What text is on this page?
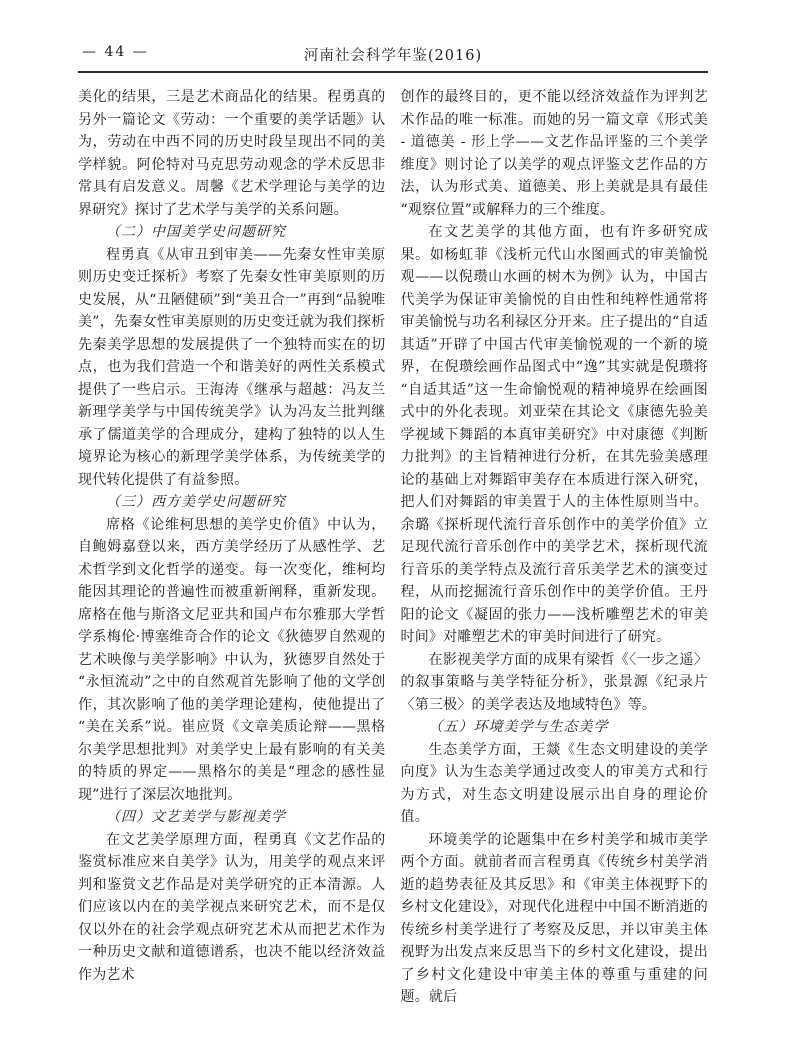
— 44 —	河南社会科学年鉴(2016)

美化的结果，三是艺术商品化的结果。程勇真的另外一篇论文《劳动：一个重要的美学话题》认为，劳动在中西不同的历史时段呈现出不同的美学样貌。阿伦特对马克思劳动观念的学术反思非常具有启发意义。周馨《艺术学理论与美学的边界研究》探讨了艺术学与美学的关系问题。

（二）中国美学史问题研究

程勇真《从审丑到审美——先秦女性审美原则历史变迁探析》考察了先秦女性审美原则的历史发展，从“丑陋健硕”到“美丑合一”再到“品貌唯美”，先秦女性审美原则的历史变迁就为我们探析先秦美学思想的发展提供了一个独特而实在的切点，也为我们营造一个和谐美好的两性关系模式提供了一些启示。王海涛《继承与超越：冯友兰新理学美学与中国传统美学》认为冯友兰批判继承了儒道美学的合理成分，建构了独特的以人生境界论为核心的新理学美学体系，为传统美学的现代转化提供了有益参照。

（三）西方美学史问题研究

席格《论维柯思想的美学史价值》中认为，自鲍姆嘉登以来，西方美学经历了从感性学、艺术哲学到文化哲学的递变。每一次变化，维柯均能因其理论的普遍性而被重新阐释，重新发现。席格在他与斯洛文尼亚共和国卢布尔雅那大学哲学系梅伦·博塞维奇合作的论文《狄德罗自然观的艺术映像与美学影响》中认为，狄德罗自然处于“永恒流动”之中的自然观首先影响了他的文学创作，其次影响了他的美学理论建构，使他提出了“美在关系”说。崔应贤《文章美质论辩——黑格尔美学思想批判》对美学史上最有影响的有关美的特质的界定——黑格尔的美是“理念的感性显现”进行了深层次地批判。

（四）文艺美学与影视美学

在文艺美学原理方面，程勇真《文艺作品的鉴赏标准应来自美学》认为，用美学的观点来评判和鉴赏文艺作品是对美学研究的正本清源。人们应该以内在的美学视点来研究艺术，而不是仅仅以外在的社会学观点研究艺术从而把艺术作为一种历史文献和道德谱系，也决不能以经济效益作为艺术

创作的最终目的，更不能以经济效益作为评判艺术作品的唯一标准。而她的另一篇文章《形式美 - 道德美 - 形上学——文艺作品评鉴的三个美学维度》则讨论了以美学的观点评鉴文艺作品的方法，认为形式美、道德美、形上美就是具有最佳“观察位置”或解释力的三个维度。

在文艺美学的其他方面，也有许多研究成果。如杨虹菲《浅析元代山水图画式的审美愉悦观——以倪瓒山水画的树木为例》认为，中国古代美学为保证审美愉悦的自由性和纯粹性通常将审美愉悦与功名利禄区分开来。庄子提出的“自适其适”开辟了中国古代审美愉悦观的一个新的境界，在倪瓒绘画作品图式中“逸”其实就是倪瓒将“自适其适”这一生命愉悦观的精神境界在绘画图式中的外化表现。刘亚荣在其论文《康德先验美学视域下舞蹈的本真审美研究》中对康德《判断力批判》的主旨精神进行分析，在其先验美感理论的基础上对舞蹈审美存在本质进行深入研究，把人们对舞蹈的审美置于人的主体性原则当中。余璐《探析现代流行音乐创作中的美学价值》立足现代流行音乐创作中的美学艺术，探析现代流行音乐的美学特点及流行音乐美学艺术的演变过程，从而挖掘流行音乐创作中的美学价值。王丹阳的论文《凝固的张力——浅析雕塑艺术的审美时间》对雕塑艺术的审美时间进行了研究。

在影视美学方面的成果有梁哲《〈一步之遥〉的叙事策略与美学特征分析》，张景源《纪录片〈第三极〉的美学表达及地域特色》等。

（五）环境美学与生态美学

生态美学方面，王燚《生态文明建设的美学向度》认为生态美学通过改变人的审美方式和行为方式，对生态文明建设展示出自身的理论价值。

环境美学的论题集中在乡村美学和城市美学两个方面。就前者而言程勇真《传统乡村美学消逝的趋势表征及其反思》和《审美主体视野下的乡村文化建设》，对现代化进程中中国不断消逝的传统乡村美学进行了考察及反思，并以审美主体视野为出发点来反思当下的乡村文化建设，提出了乡村文化建设中审美主体的尊重与重建的问题。就后
